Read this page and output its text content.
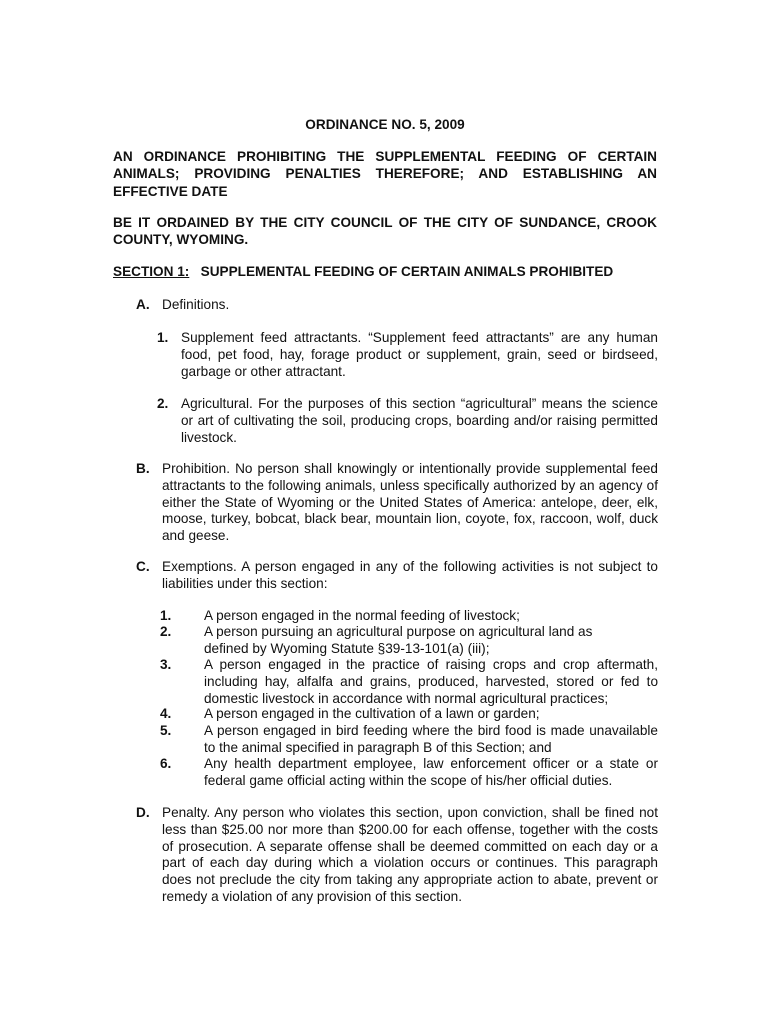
ORDINANCE NO. 5, 2009
AN ORDINANCE PROHIBITING THE SUPPLEMENTAL FEEDING OF CERTAIN ANIMALS; PROVIDING PENALTIES THEREFORE; AND ESTABLISHING AN EFFECTIVE DATE
BE IT ORDAINED BY THE CITY COUNCIL OF THE CITY OF SUNDANCE, CROOK COUNTY, WYOMING.
SECTION 1: SUPPLEMENTAL FEEDING OF CERTAIN ANIMALS PROHIBITED
A. Definitions.
1. Supplement feed attractants. “Supplement feed attractants” are any human food, pet food, hay, forage product or supplement, grain, seed or birdseed, garbage or other attractant.
2. Agricultural. For the purposes of this section “agricultural” means the science or art of cultivating the soil, producing crops, boarding and/or raising permitted livestock.
B. Prohibition. No person shall knowingly or intentionally provide supplemental feed attractants to the following animals, unless specifically authorized by an agency of either the State of Wyoming or the United States of America: antelope, deer, elk, moose, turkey, bobcat, black bear, mountain lion, coyote, fox, raccoon, wolf, duck and geese.
C. Exemptions. A person engaged in any of the following activities is not subject to liabilities under this section:
1. A person engaged in the normal feeding of livestock;
2. A person pursuing an agricultural purpose on agricultural land as defined by Wyoming Statute §39-13-101(a) (iii);
3. A person engaged in the practice of raising crops and crop aftermath, including hay, alfalfa and grains, produced, harvested, stored or fed to domestic livestock in accordance with normal agricultural practices;
4. A person engaged in the cultivation of a lawn or garden;
5. A person engaged in bird feeding where the bird food is made unavailable to the animal specified in paragraph B of this Section; and
6. Any health department employee, law enforcement officer or a state or federal game official acting within the scope of his/her official duties.
D. Penalty. Any person who violates this section, upon conviction, shall be fined not less than $25.00 nor more than $200.00 for each offense, together with the costs of prosecution. A separate offense shall be deemed committed on each day or a part of each day during which a violation occurs or continues. This paragraph does not preclude the city from taking any appropriate action to abate, prevent or remedy a violation of any provision of this section.
